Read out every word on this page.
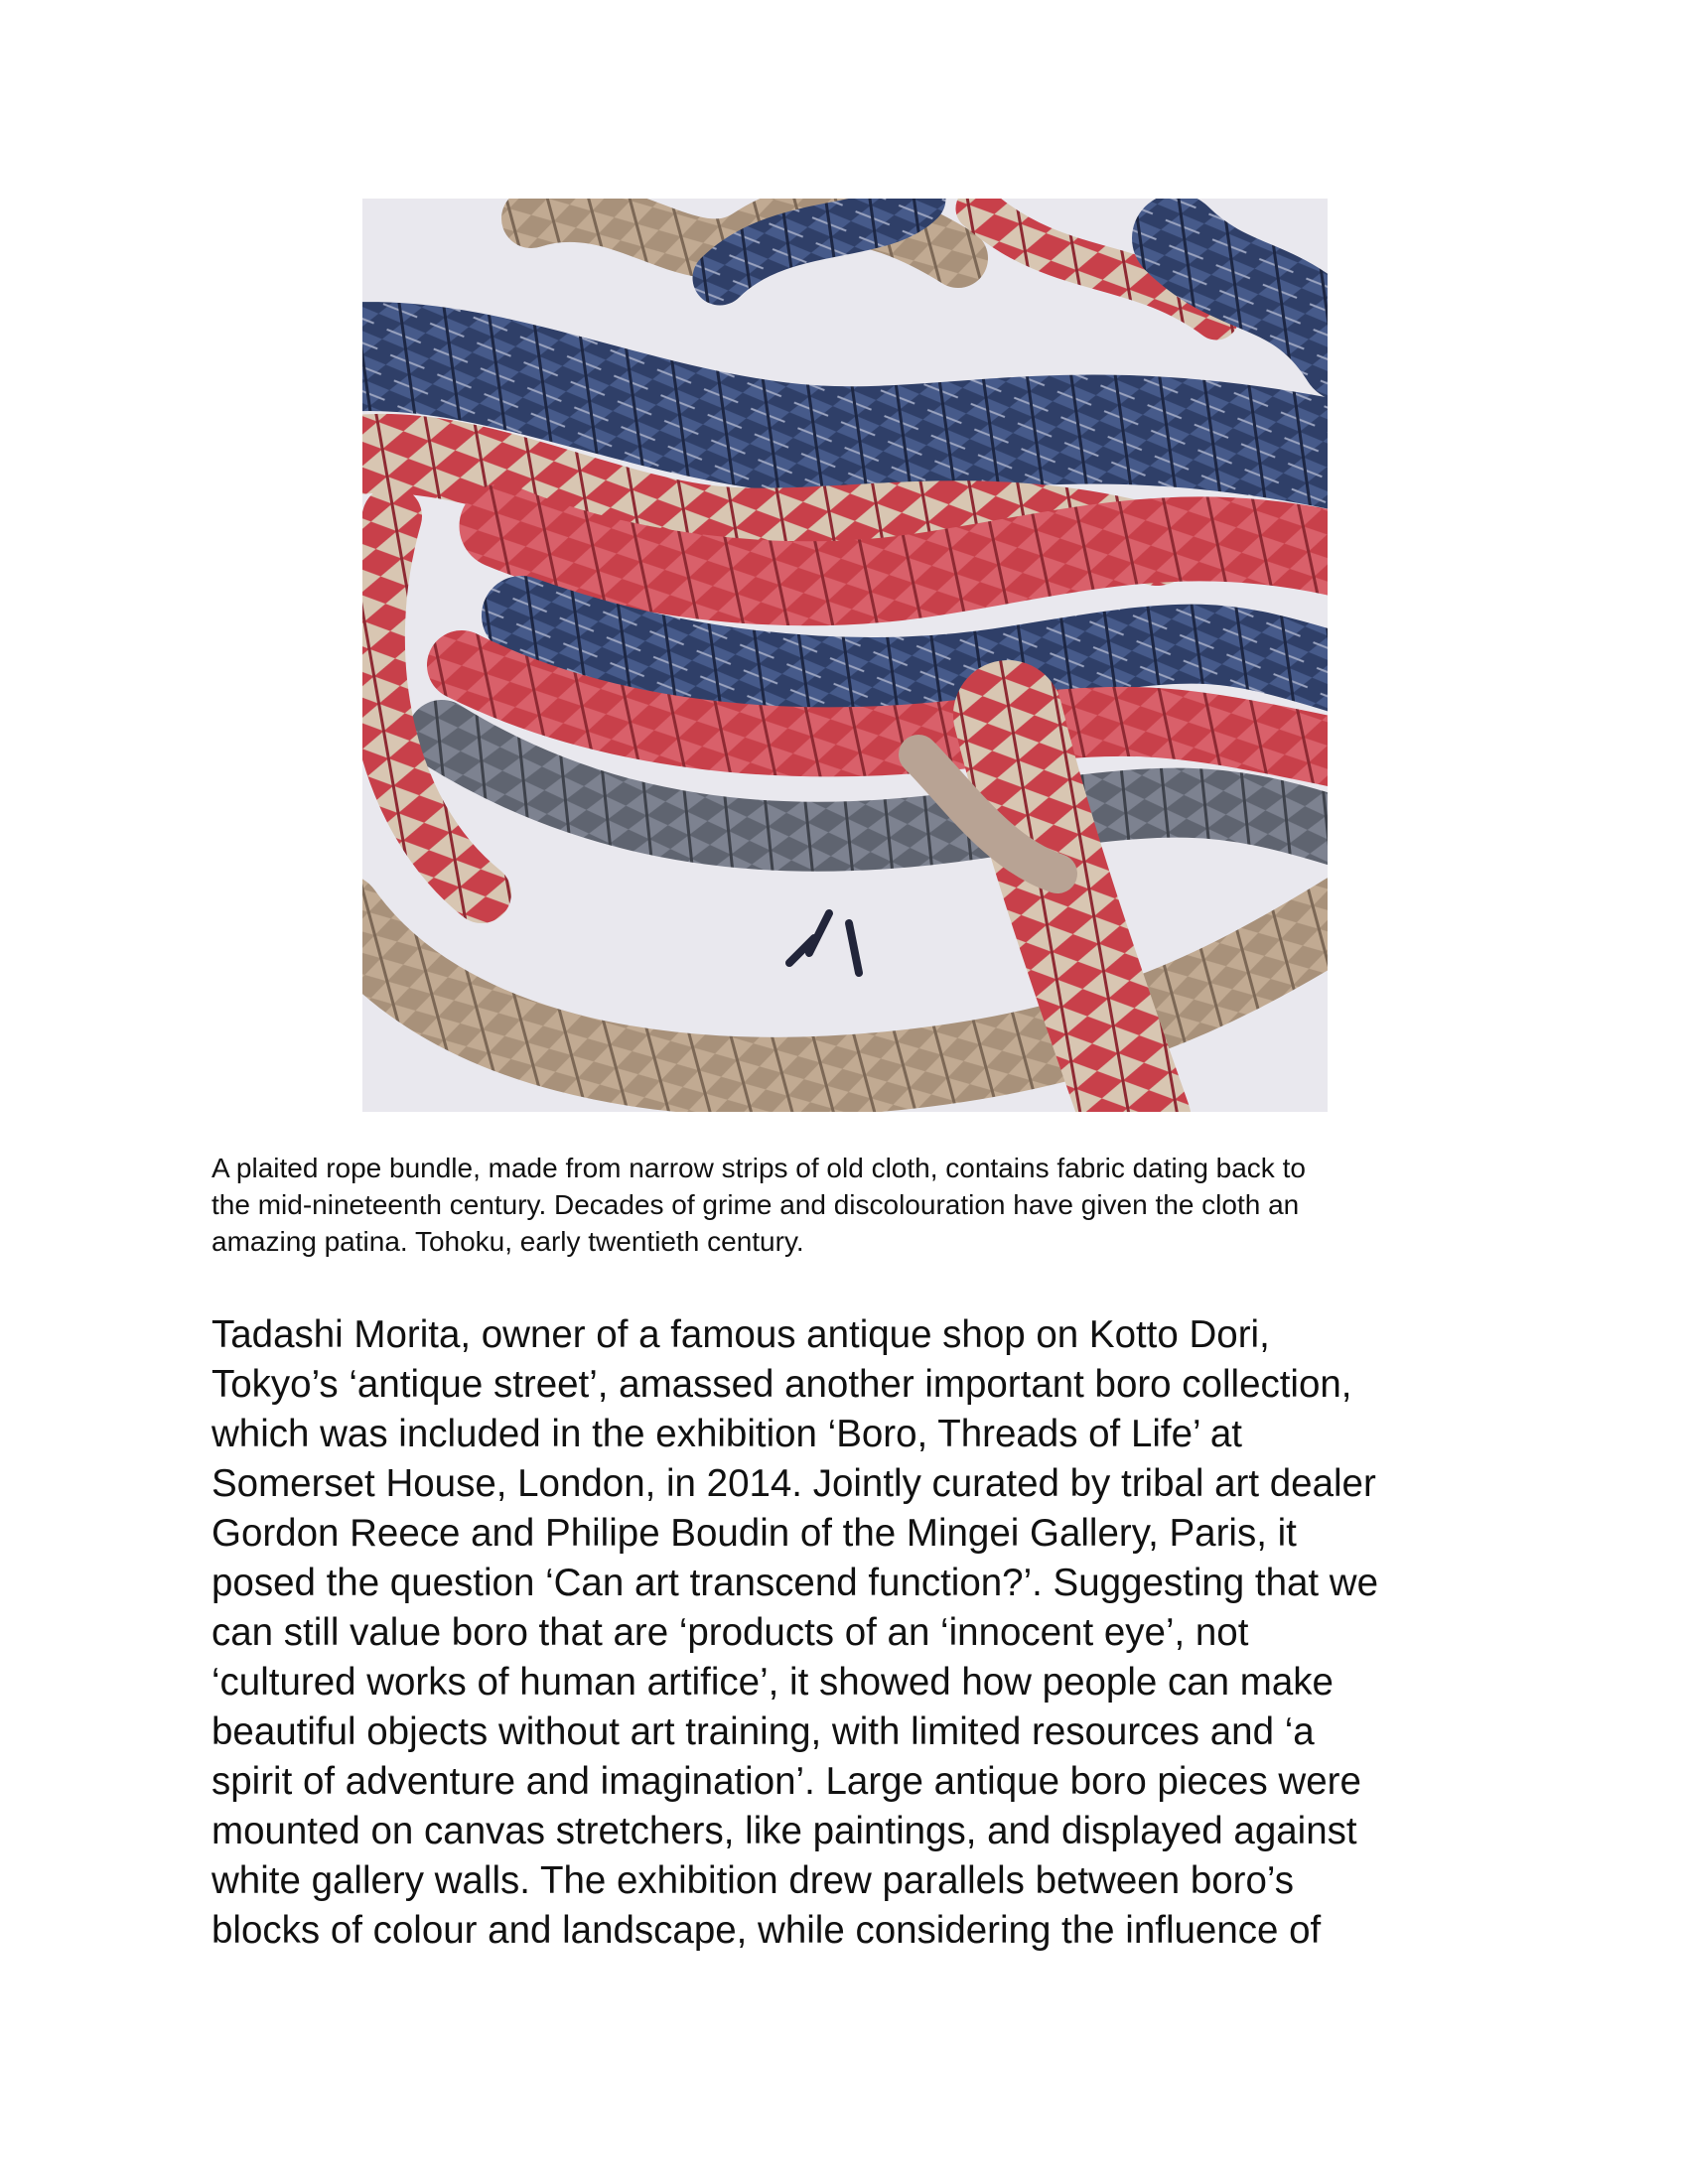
A plaited rope bundle, made from narrow strips of old cloth, contains fabric dating back to
the mid-nineteenth century. Decades of grime and discolouration have given the cloth an
amazing patina. Tohoku, early twentieth century.

Tadashi Morita, owner of a famous antique shop on Kotto Dori,
Tokyo’s ‘antique street’, amassed another important boro collection,
which was included in the exhibition ‘Boro, Threads of Life’ at
Somerset House, London, in 2014. Jointly curated by tribal art dealer
Gordon Reece and Philipe Boudin of the Mingei Gallery, Paris, it
posed the question ‘Can art transcend function?’. Suggesting that we
can still value boro that are ‘products of an ‘innocent eye’, not
‘cultured works of human artifice’, it showed how people can make
beautiful objects without art training, with limited resources and ‘a
spirit of adventure and imagination’. Large antique boro pieces were
mounted on canvas stretchers, like paintings, and displayed against
white gallery walls. The exhibition drew parallels between boro’s
blocks of colour and landscape, while considering the influence of
